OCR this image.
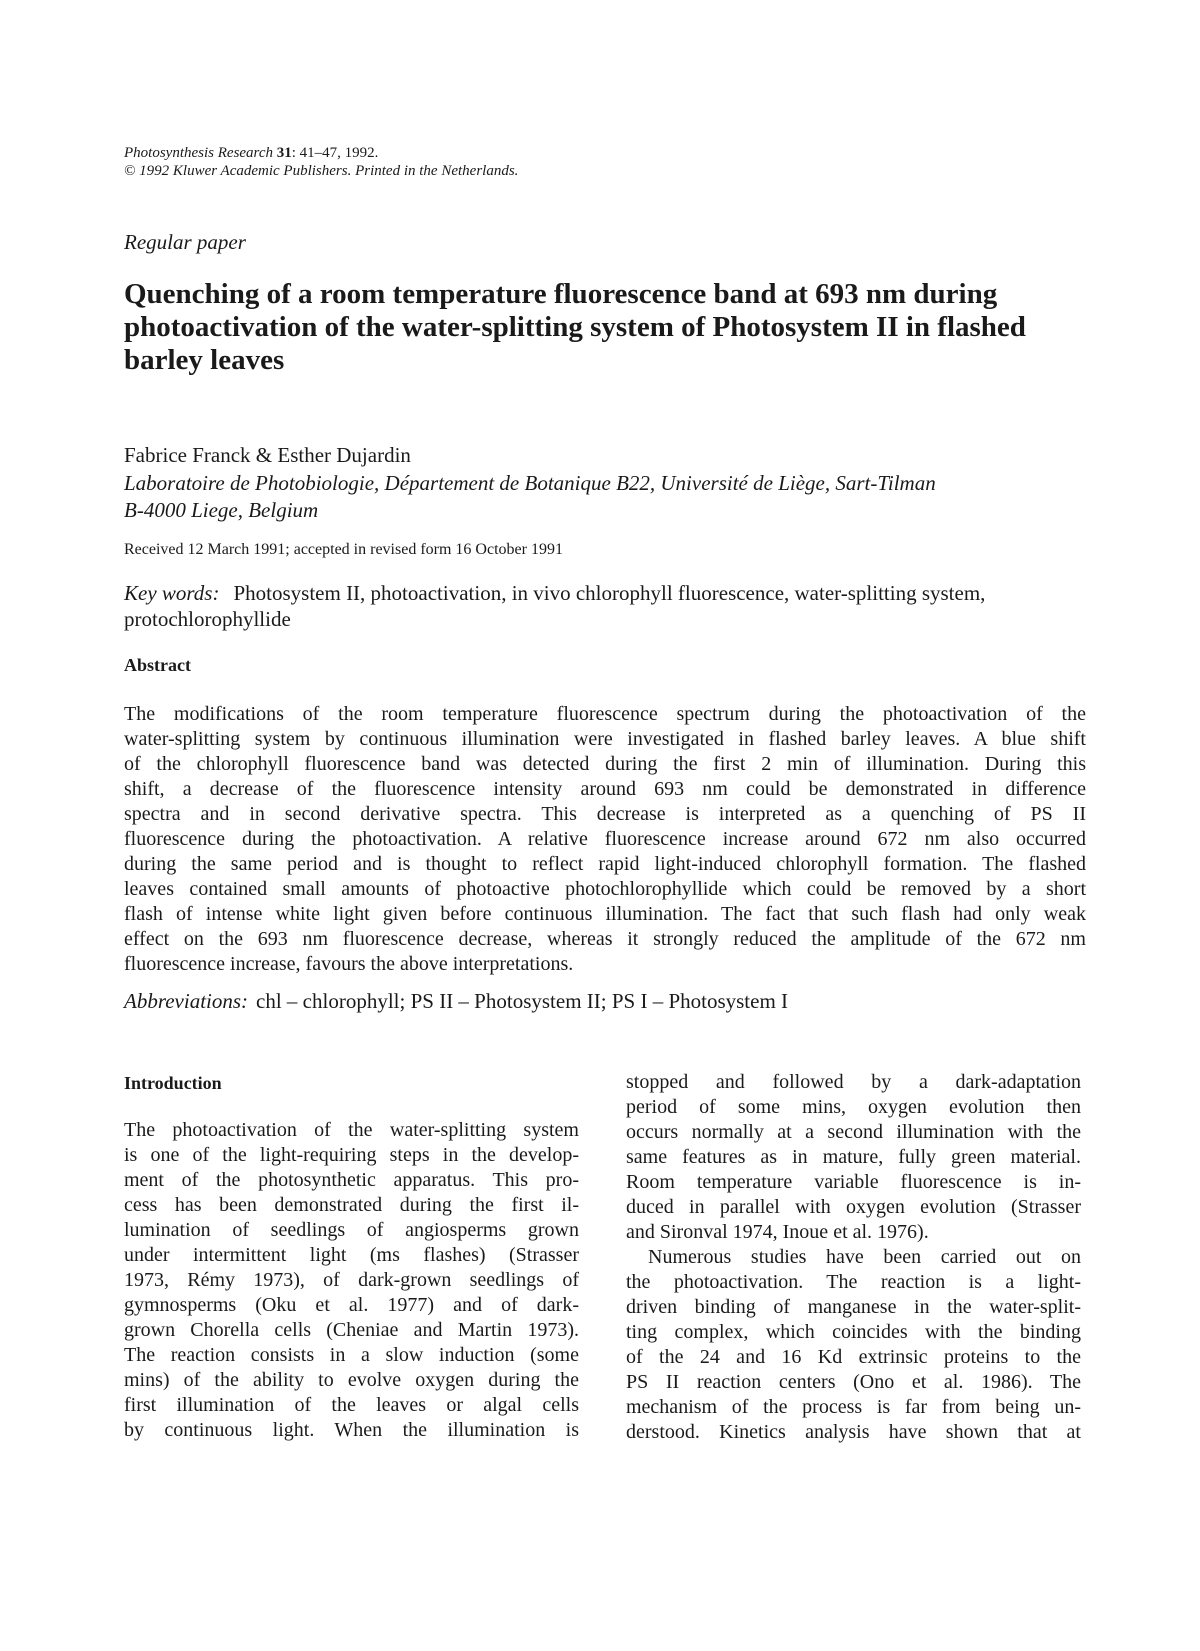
Photosynthesis Research 31: 41–47, 1992.
© 1992 Kluwer Academic Publishers. Printed in the Netherlands.
Regular paper
Quenching of a room temperature fluorescence band at 693 nm during
photoactivation of the water-splitting system of Photosystem II in flashed
barley leaves
Fabrice Franck & Esther Dujardin
Laboratoire de Photobiologie, Département de Botanique B22, Université de Liège, Sart-Tilman
B-4000 Liege, Belgium
Received 12 March 1991; accepted in revised form 16 October 1991
Key words: Photosystem II, photoactivation, in vivo chlorophyll fluorescence, water-splitting system,
protochlorophyllide
Abstract
The modifications of the room temperature fluorescence spectrum during the photoactivation of the
water-splitting system by continuous illumination were investigated in flashed barley leaves. A blue shift
of the chlorophyll fluorescence band was detected during the first 2 min of illumination. During this
shift, a decrease of the fluorescence intensity around 693 nm could be demonstrated in difference
spectra and in second derivative spectra. This decrease is interpreted as a quenching of PS II
fluorescence during the photoactivation. A relative fluorescence increase around 672 nm also occurred
during the same period and is thought to reflect rapid light-induced chlorophyll formation. The flashed
leaves contained small amounts of photoactive photochlorophyllide which could be removed by a short
flash of intense white light given before continuous illumination. The fact that such flash had only weak
effect on the 693 nm fluorescence decrease, whereas it strongly reduced the amplitude of the 672 nm
fluorescence increase, favours the above interpretations.
Abbreviations: chl – chlorophyll; PS II – Photosystem II; PS I – Photosystem I
Introduction
The photoactivation of the water-splitting system
is one of the light-requiring steps in the develop-
ment of the photosynthetic apparatus. This pro-
cess has been demonstrated during the first il-
lumination of seedlings of angiosperms grown
under intermittent light (ms flashes) (Strasser
1973, Rémy 1973), of dark-grown seedlings of
gymnosperms (Oku et al. 1977) and of dark-
grown Chorella cells (Cheniae and Martin 1973).
The reaction consists in a slow induction (some
mins) of the ability to evolve oxygen during the
first illumination of the leaves or algal cells
by continuous light. When the illumination is
stopped and followed by a dark-adaptation
period of some mins, oxygen evolution then
occurs normally at a second illumination with the
same features as in mature, fully green material.
Room temperature variable fluorescence is in-
duced in parallel with oxygen evolution (Strasser
and Sironval 1974, Inoue et al. 1976).
Numerous studies have been carried out on
the photoactivation. The reaction is a light-
driven binding of manganese in the water-split-
ting complex, which coincides with the binding
of the 24 and 16 Kd extrinsic proteins to the
PS II reaction centers (Ono et al. 1986). The
mechanism of the process is far from being un-
derstood. Kinetics analysis have shown that at
